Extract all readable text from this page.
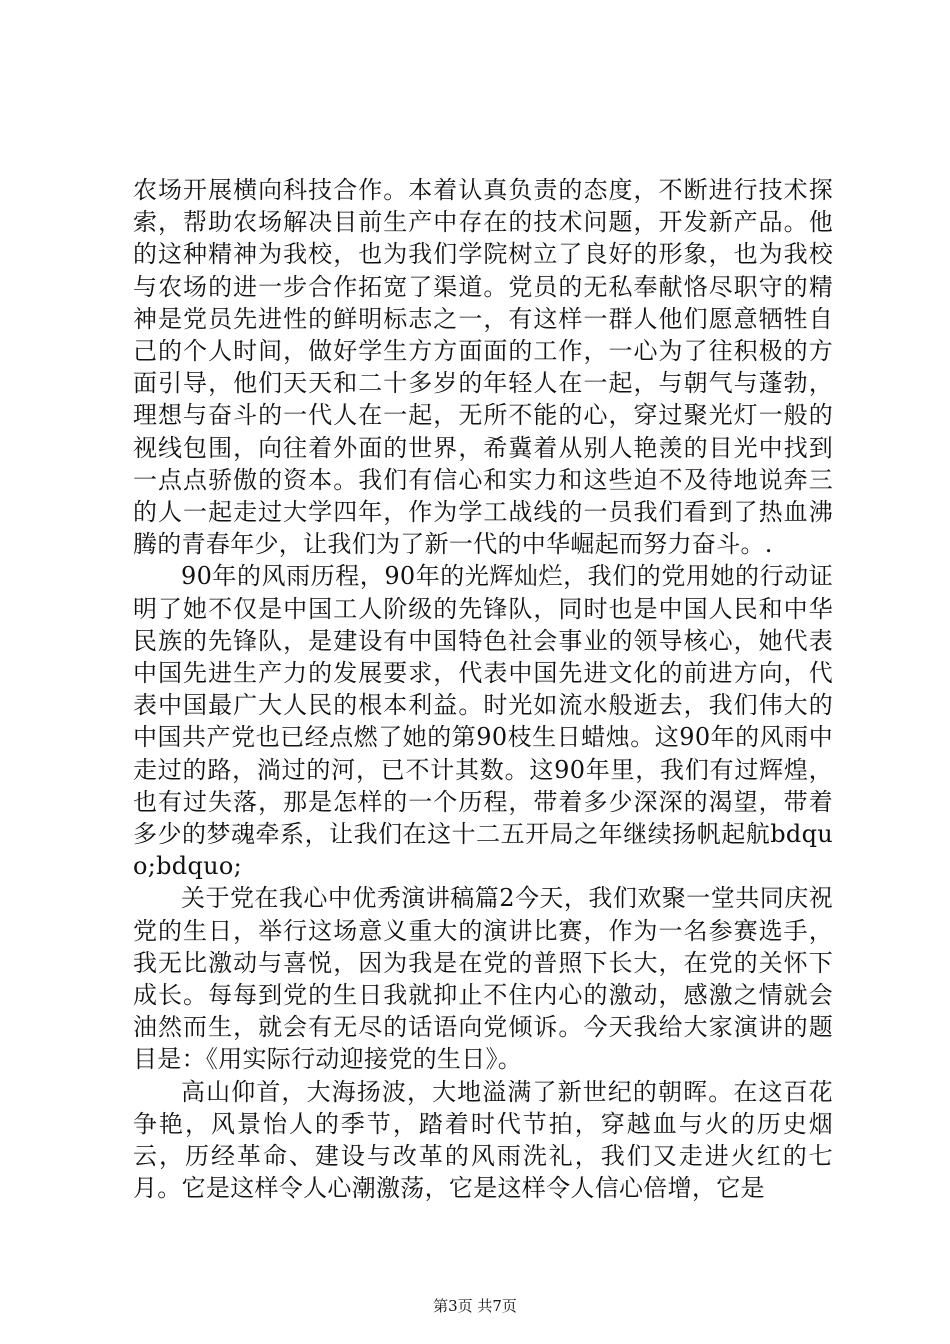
农场开展横向科技合作。本着认真负责的态度，不断进行技术探索，帮助农场解决目前生产中存在的技术问题，开发新产品。他的这种精神为我校，也为我们学院树立了良好的形象，也为我校与农场的进一步合作拓宽了渠道。党员的无私奉献恪尽职守的精神是党员先进性的鲜明标志之一，有这样一群人他们愿意牺牲自己的个人时间，做好学生方方面面的工作，一心为了往积极的方面引导，他们天天和二十多岁的年轻人在一起，与朝气与蓬勃，理想与奋斗的一代人在一起，无所不能的心，穿过聚光灯一般的视线包围，向往着外面的世界，希冀着从别人艳羡的目光中找到一点点骄傲的资本。我们有信心和实力和这些迫不及待地说奔三的人一起走过大学四年，作为学工战线的一员我们看到了热血沸腾的青春年少，让我们为了新一代的中华崛起而努力奋斗。.

90年的风雨历程，90年的光辉灿烂，我们的党用她的行动证明了她不仅是中国工人阶级的先锋队，同时也是中国人民和中华民族的先锋队，是建设有中国特色社会事业的领导核心，她代表中国先进生产力的发展要求，代表中国先进文化的前进方向，代表中国最广大人民的根本利益。时光如流水般逝去，我们伟大的中国共产党也已经点燃了她的第90枝生日蜡烛。这90年的风雨中走过的路，淌过的河，已不计其数。这90年里，我们有过辉煌，也有过失落，那是怎样的一个历程，带着多少深深的渴望，带着多少的梦魂牵系，让我们在这十二五开局之年继续扬帆起航bdquo;bdquo;

关于党在我心中优秀演讲稿篇2今天，我们欢聚一堂共同庆祝党的生日，举行这场意义重大的演讲比赛，作为一名参赛选手，我无比激动与喜悦，因为我是在党的普照下长大，在党的关怀下成长。每每到党的生日我就抑止不住内心的激动，感激之情就会油然而生，就会有无尽的话语向党倾诉。今天我给大家演讲的题目是：《用实际行动迎接党的生日》。

高山仰首，大海扬波，大地溢满了新世纪的朝晖。在这百花争艳，风景怡人的季节，踏着时代节拍，穿越血与火的历史烟云，历经革命、建设与改革的风雨洗礼，我们又走进火红的七月。它是这样令人心潮激荡，它是这样令人信心倍增，它是

第3页 共7页
